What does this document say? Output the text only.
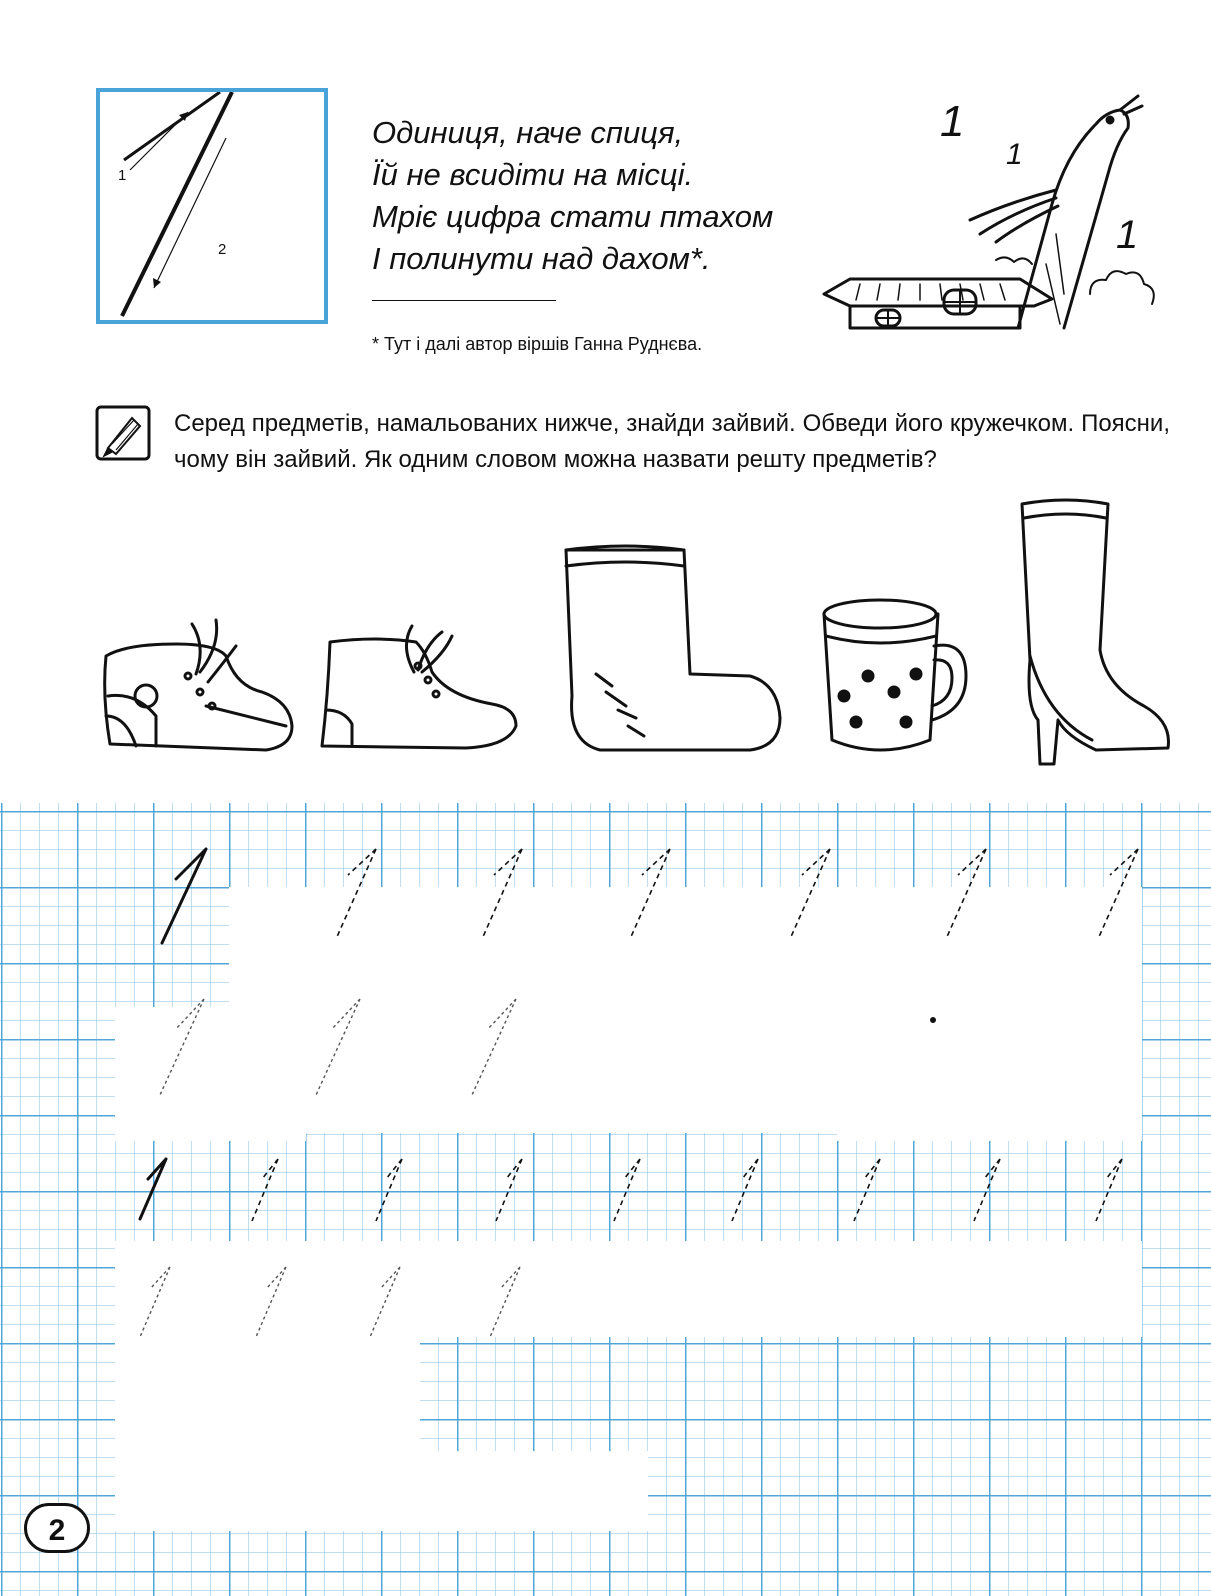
1
2
Одиниця, наче спиця,
Їй не всидіти на місці.
Мріє цифра стати птахом
І полинути над дахом*.
* Тут і далі автор віршів Ганна Руднєва.
1
1
1
Серед предметів, намальованих нижче, знайди зайвий. Обведи його кружечком. Поясни, чому він зайвий. Як одним словом можна назвати решту предметів?
2
